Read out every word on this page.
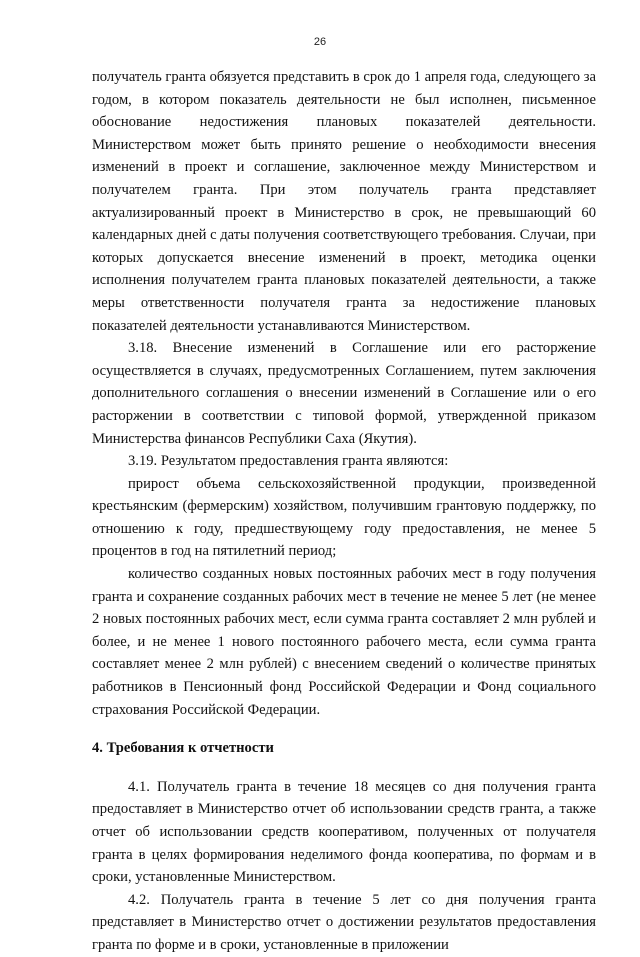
26

получатель гранта обязуется представить в срок до 1 апреля года, следующего за годом, в котором показатель деятельности не был исполнен, письменное обоснование недостижения плановых показателей деятельности. Министерством может быть принято решение о необходимости внесения изменений в проект и соглашение, заключенное между Министерством и получателем гранта. При этом получатель гранта представляет актуализированный проект в Министерство в срок, не превышающий 60 календарных дней с даты получения соответствующего требования. Случаи, при которых допускается внесение изменений в проект, методика оценки исполнения получателем гранта плановых показателей деятельности, а также меры ответственности получателя гранта за недостижение плановых показателей деятельности устанавливаются Министерством.

3.18. Внесение изменений в Соглашение или его расторжение осуществляется в случаях, предусмотренных Соглашением, путем заключения дополнительного соглашения о внесении изменений в Соглашение или о его расторжении в соответствии с типовой формой, утвержденной приказом Министерства финансов Республики Саха (Якутия).

3.19. Результатом предоставления гранта являются:

прирост объема сельскохозяйственной продукции, произведенной крестьянским (фермерским) хозяйством, получившим грантовую поддержку, по отношению к году, предшествующему году предоставления, не менее 5 процентов в год на пятилетний период;

количество созданных новых постоянных рабочих мест в году получения гранта и сохранение созданных рабочих мест в течение не менее 5 лет (не менее 2 новых постоянных рабочих мест, если сумма гранта составляет 2 млн рублей и более, и не менее 1 нового постоянного рабочего места, если сумма гранта составляет менее 2 млн рублей) с внесением сведений о количестве принятых работников в Пенсионный фонд Российской Федерации и Фонд социального страхования Российской Федерации.

4. Требования к отчетности

4.1. Получатель гранта в течение 18 месяцев со дня получения гранта предоставляет в Министерство отчет об использовании средств гранта, а также отчет об использовании средств кооперативом, полученных от получателя гранта в целях формирования неделимого фонда кооператива, по формам и в сроки, установленные Министерством.

4.2. Получатель гранта в течение 5 лет со дня получения гранта представляет в Министерство отчет о достижении результатов предоставления гранта по форме и в сроки, установленные в приложении
